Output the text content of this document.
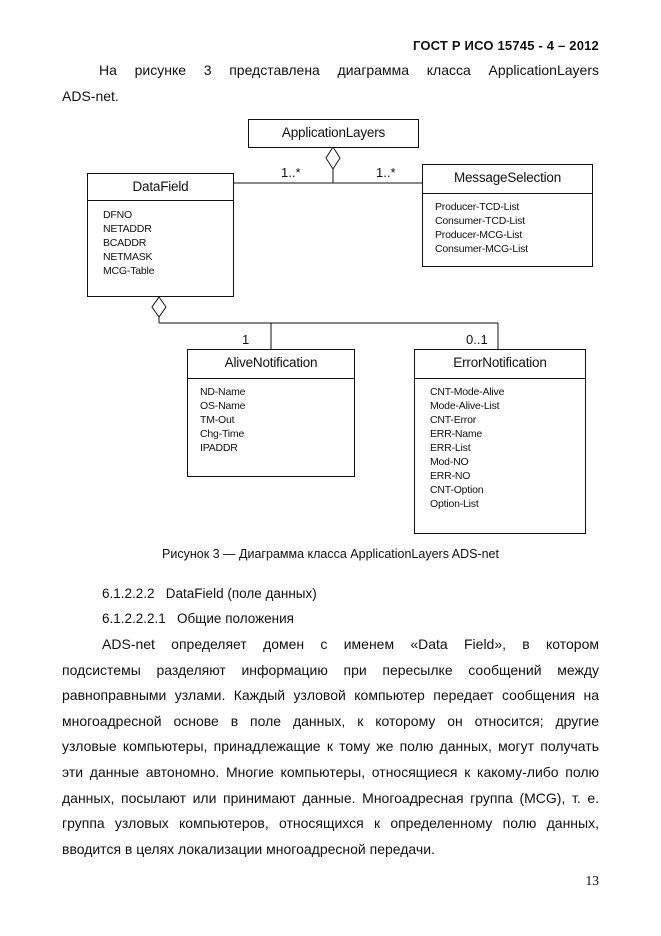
ГОСТ Р ИСО 15745 - 4 – 2012
На рисунке 3 представлена диаграмма класса ApplicationLayers
ADS-net.
ApplicationLayers
DataField
DFNO
NETADDR
BCADDR
NETMASK
MCG-Table
MessageSelection
Producer-TCD-List
Consumer-TCD-List
Producer-MCG-List
Consumer-MCG-List
AliveNotification
ND-Name
OS-Name
TM-Out
Chg-Time
IPADDR
ErrorNotification
CNT-Mode-Alive
Mode-Alive-List
CNT-Error
ERR-Name
ERR-List
Mod-NO
ERR-NO
CNT-Option
Option-List
1..*	1..*
1	0..1
Рисунок 3 — Диаграмма класса ApplicationLayers ADS-net
6.1.2.2.2   DataField (поле данных)
6.1.2.2.2.1   Общие положения
ADS-net определяет домен с именем «Data Field», в котором
подсистемы разделяют информацию при пересылке сообщений между
равноправными узлами. Каждый узловой компьютер передает сообщения на
многоадресной основе в поле данных, к которому он относится; другие
узловые компьютеры, принадлежащие к тому же полю данных, могут получать
эти данные автономно. Многие компьютеры, относящиеся к какому-либо полю
данных, посылают или принимают данные. Многоадресная группа (MCG), т. е.
группа узловых компьютеров, относящихся к определенному полю данных,
вводится в целях локализации многоадресной передачи.
13
